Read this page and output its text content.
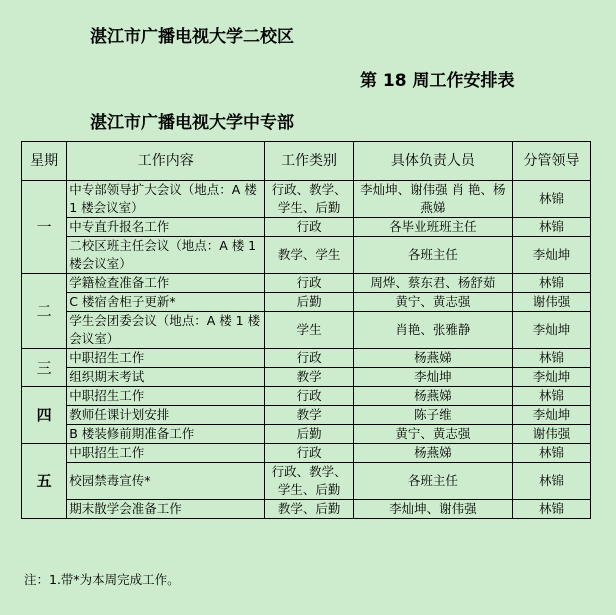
湛江市广播电视大学二校区
第 18 周工作安排表
湛江市广播电视大学中专部
星期	工作内容	工作类别	具体负责人员	分管领导
一	中专部领导扩大会议（地点：A 楼 1 楼会议室）	行政、教学、学生、后勤	李灿坤、谢伟强 肖 艳、杨燕娣	林锦
	中专直升报名工作	行政	各毕业班班主任	林锦
	二校区班主任会议（地点：A 楼 1 楼会议室）	教学、学生	各班主任	李灿坤
二	学籍检查准备工作	行政	周烨、蔡东君、杨舒茹	林锦
	C 楼宿舍柜子更新*	后勤	黄宁、黄志强	谢伟强
	学生会团委会议（地点：A 楼 1 楼会议室）	学生	肖艳、张雅静	李灿坤
三	中职招生工作	行政	杨燕娣	林锦
	组织期末考试	教学	李灿坤	李灿坤
四	中职招生工作	行政	杨燕娣	林锦
	教师任课计划安排	教学	陈子维	李灿坤
	B 楼装修前期准备工作	后勤	黄宁、黄志强	谢伟强
五	中职招生工作	行政	杨燕娣	林锦
	校园禁毒宣传*	行政、教学、学生、后勤	各班主任	林锦
	期末散学会准备工作	教学、后勤	李灿坤、谢伟强	林锦
注：1.带*为本周完成工作。
